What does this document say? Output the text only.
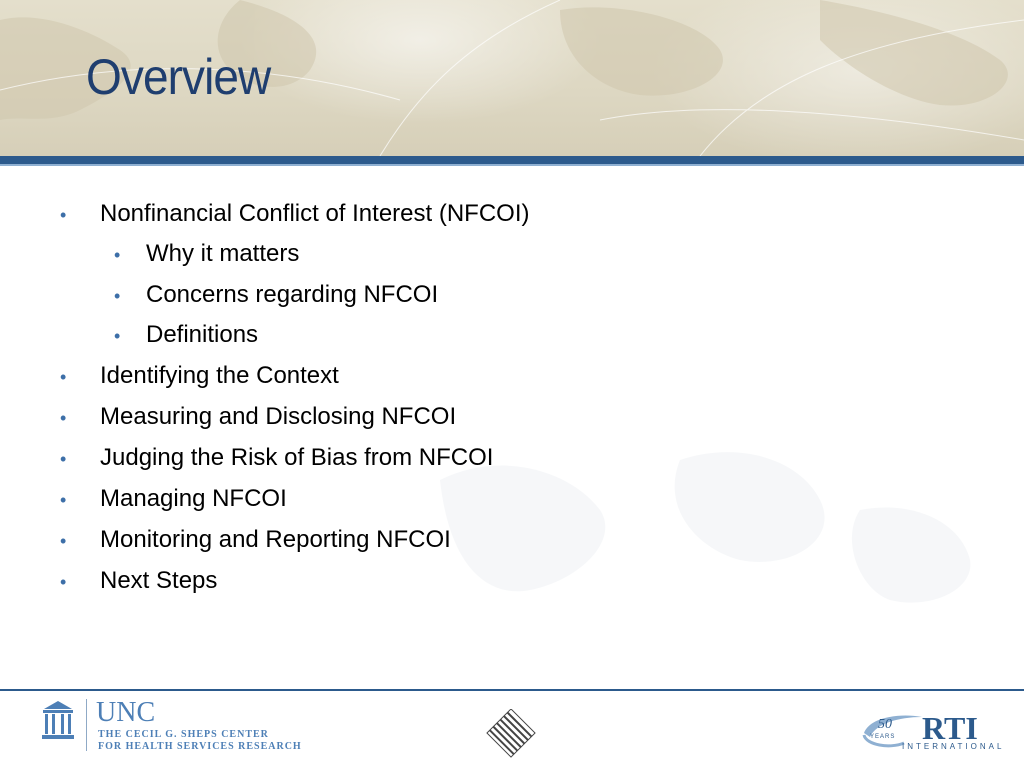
Overview
• Nonfinancial Conflict of Interest (NFCOI)
• Why it matters
• Concerns regarding NFCOI
• Definitions
• Identifying the Context
• Measuring and Disclosing NFCOI
• Judging the Risk of Bias from NFCOI
• Managing NFCOI
• Monitoring and Reporting NFCOI
• Next Steps
UNC
THE CECIL G. SHEPS CENTER
FOR HEALTH SERVICES RESEARCH
50
YEARS RTI
INTERNATIONAL
